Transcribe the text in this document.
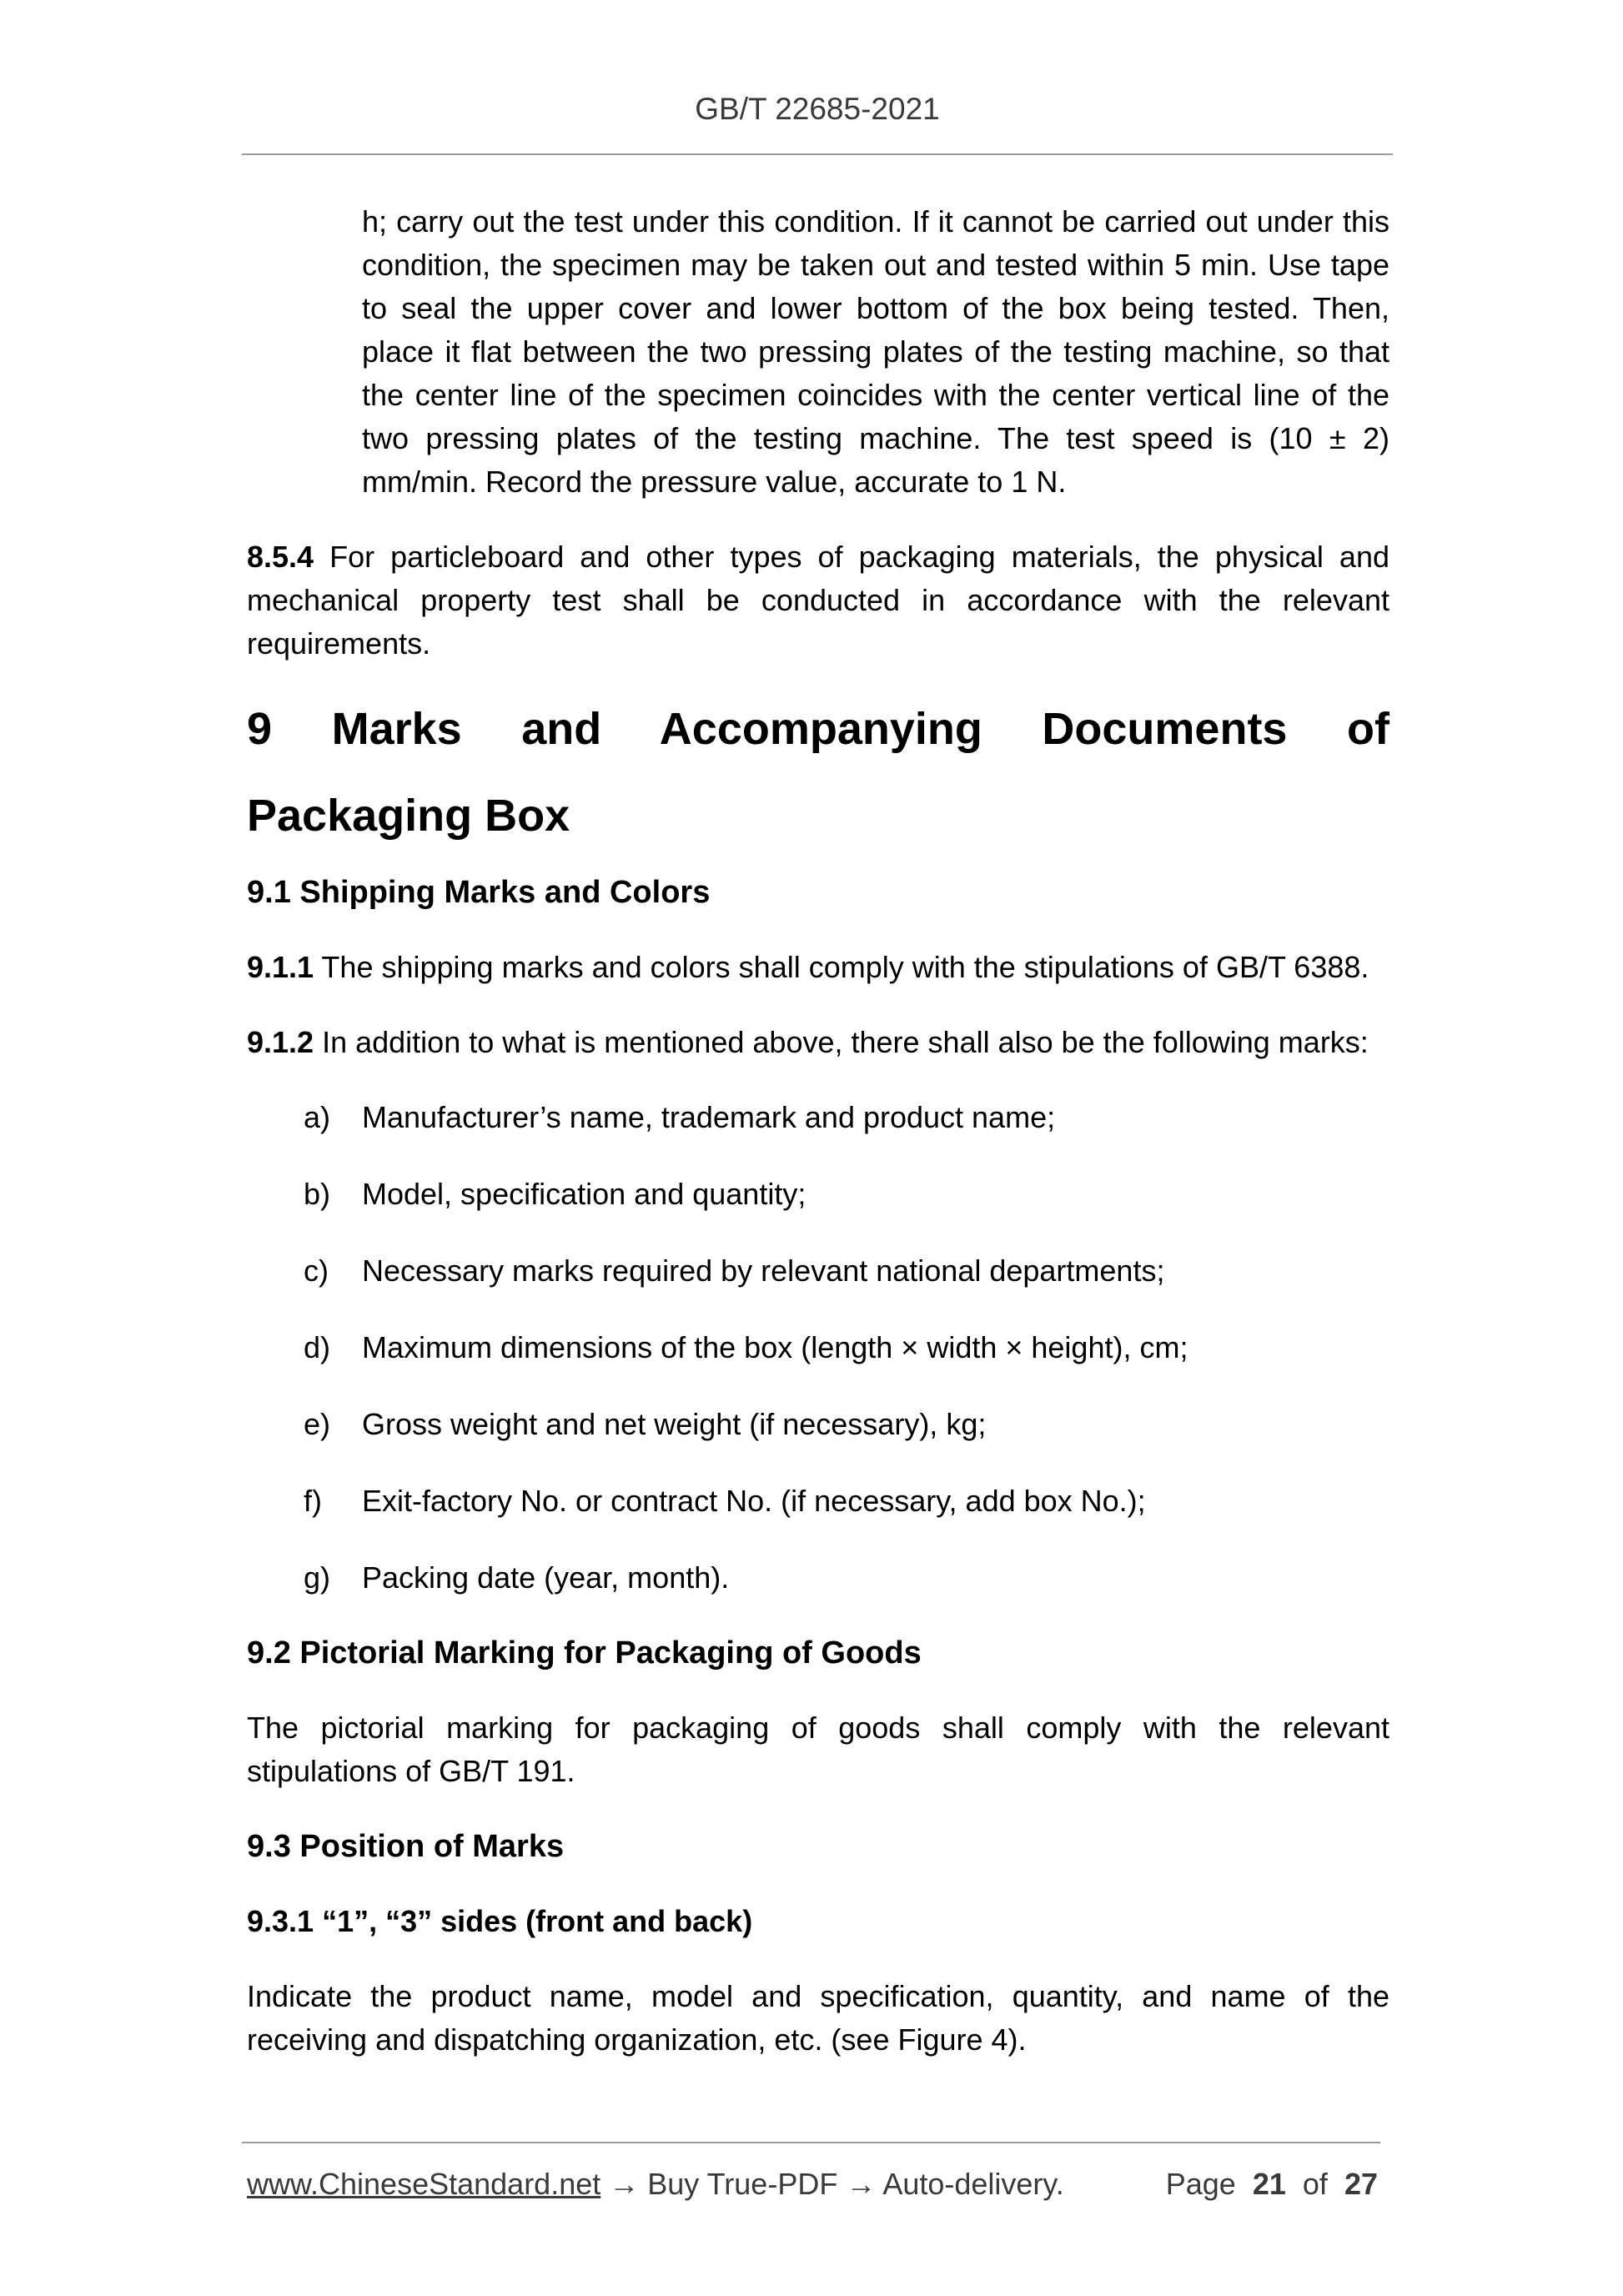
GB/T 22685-2021

h; carry out the test under this condition. If it cannot be carried out under this condition, the specimen may be taken out and tested within 5 min. Use tape to seal the upper cover and lower bottom of the box being tested. Then, place it flat between the two pressing plates of the testing machine, so that the center line of the specimen coincides with the center vertical line of the two pressing plates of the testing machine. The test speed is (10 ± 2) mm/min. Record the pressure value, accurate to 1 N.

8.5.4 For particleboard and other types of packaging materials, the physical and mechanical property test shall be conducted in accordance with the relevant requirements.

9 Marks and Accompanying Documents of Packaging Box
9.1 Shipping Marks and Colors

9.1.1 The shipping marks and colors shall comply with the stipulations of GB/T 6388.

9.1.2 In addition to what is mentioned above, there shall also be the following marks:

a)	Manufacturer’s name, trademark and product name;
b)	Model, specification and quantity;
c)	Necessary marks required by relevant national departments;
d)	Maximum dimensions of the box (length × width × height), cm;
e)	Gross weight and net weight (if necessary), kg;
f)	Exit-factory No. or contract No. (if necessary, add box No.);
g)	Packing date (year, month).
9.2 Pictorial Marking for Packaging of Goods

The pictorial marking for packaging of goods shall comply with the relevant stipulations of GB/T 191.

9.3 Position of Marks
9.3.1 “1”, “3” sides (front and back)

Indicate the product name, model and specification, quantity, and name of the receiving and dispatching organization, etc. (see Figure 4).

www.ChineseStandard.net → Buy True-PDF → Auto-delivery.	Page 21 of 27
